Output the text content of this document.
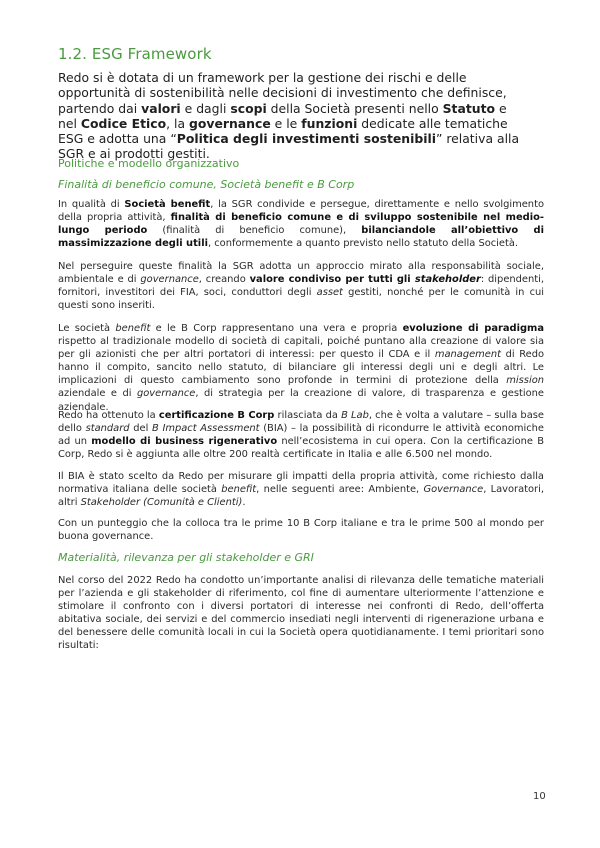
1.2. ESG Framework
Redo si è dotata di un framework per la gestione dei rischi e delle opportunità di sostenibilità nelle decisioni di investimento che definisce, partendo dai valori e dagli scopi della Società presenti nello Statuto e nel Codice Etico, la governance e le funzioni dedicate alle tematiche ESG e adotta una “Politica degli investimenti sostenibili” relativa alla SGR e ai prodotti gestiti.
Politiche e modello organizzativo
Finalità di beneficio comune, Società benefit e B Corp
In qualità di Società benefit, la SGR condivide e persegue, direttamente e nello svolgimento della propria attività, finalità di beneficio comune e di sviluppo sostenibile nel medio-lungo periodo (finalità di beneficio comune), bilanciandole all’obiettivo di massimizzazione degli utili, conformemente a quanto previsto nello statuto della Società.
Nel perseguire queste finalità la SGR adotta un approccio mirato alla responsabilità sociale, ambientale e di governance, creando valore condiviso per tutti gli stakeholder: dipendenti, fornitori, investitori dei FIA, soci, conduttori degli asset gestiti, nonché per le comunità in cui questi sono inseriti.
Le società benefit e le B Corp rappresentano una vera e propria evoluzione di paradigma rispetto al tradizionale modello di società di capitali, poiché puntano alla creazione di valore sia per gli azionisti che per altri portatori di interessi: per questo il CDA e il management di Redo hanno il compito, sancito nello statuto, di bilanciare gli interessi degli uni e degli altri. Le implicazioni di questo cambiamento sono profonde in termini di protezione della mission aziendale e di governance, di strategia per la creazione di valore, di trasparenza e gestione aziendale.
Redo ha ottenuto la certificazione B Corp rilasciata da B Lab, che è volta a valutare – sulla base dello standard del B Impact Assessment (BIA) – la possibilità di ricondurre le attività economiche ad un modello di business rigenerativo nell’ecosistema in cui opera. Con la certificazione B Corp, Redo si è aggiunta alle oltre 200 realtà certificate in Italia e alle 6.500 nel mondo.
Il BIA è stato scelto da Redo per misurare gli impatti della propria attività, come richiesto dalla normativa italiana delle società benefit, nelle seguenti aree: Ambiente, Governance, Lavoratori, altri Stakeholder (Comunità e Clienti).
Con un punteggio che la colloca tra le prime 10 B Corp italiane e tra le prime 500 al mondo per buona governance.
Materialità, rilevanza per gli stakeholder e GRI
Nel corso del 2022 Redo ha condotto un’importante analisi di rilevanza delle tematiche materiali per l’azienda e gli stakeholder di riferimento, col fine di aumentare ulteriormente l’attenzione e stimolare il confronto con i diversi portatori di interesse nei confronti di Redo, dell’offerta abitativa sociale, dei servizi e del commercio insediati negli interventi di rigenerazione urbana e del benessere delle comunità locali in cui la Società opera quotidianamente. I temi prioritari sono risultati:
10
